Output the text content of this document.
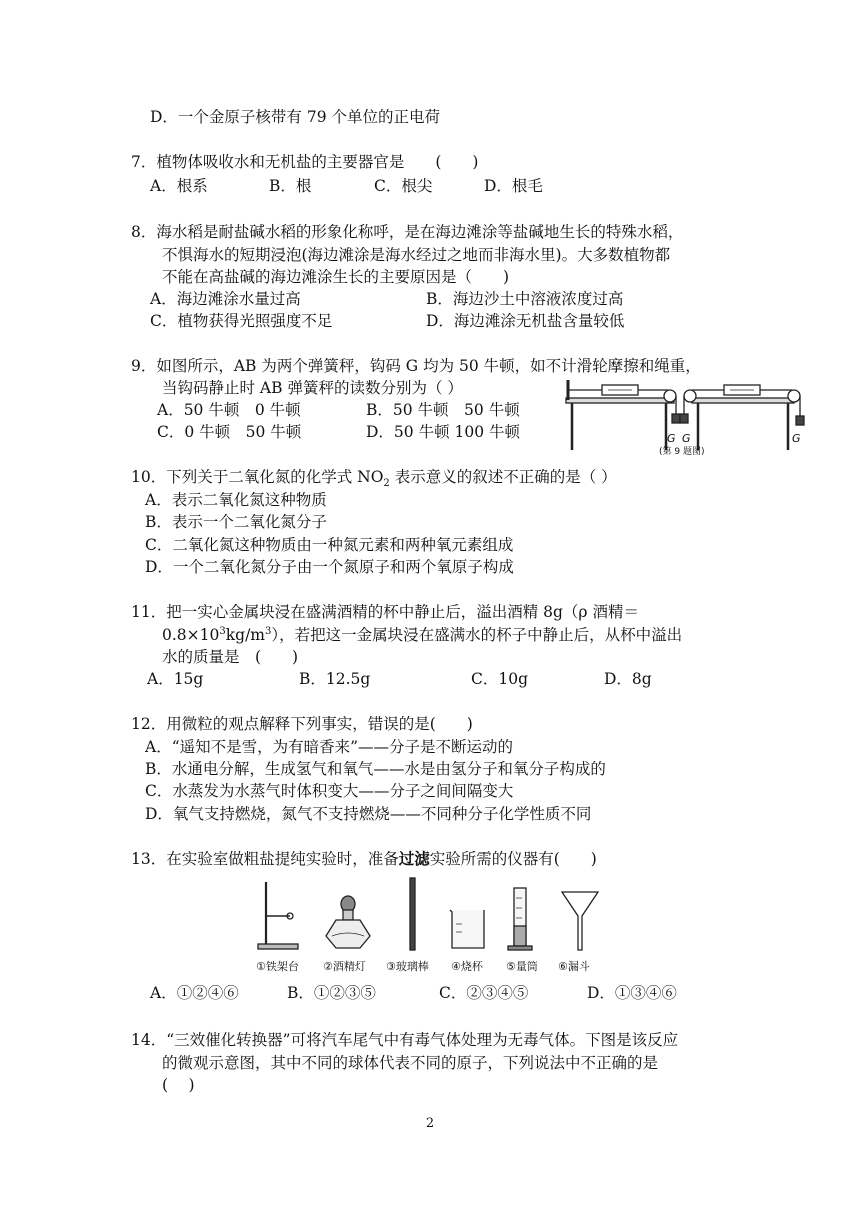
D．一个金原子核带有 79 个单位的正电荷
7．植物体吸收水和无机盐的主要器官是　　(　　)
A．根系	B．根	C．根尖	D．根毛
8．海水稻是耐盐碱水稻的形象化称呼，是在海边滩涂等盐碱地生长的特殊水稻，
不惧海水的短期浸泡(海边滩涂是海水经过之地而非海水里)。大多数植物都
不能在高盐碱的海边滩涂生长的主要原因是（　　)
A．海边滩涂水量过高	B．海边沙土中溶液浓度过高
C．植物获得光照强度不足	D．海边滩涂无机盐含量较低
9．如图所示，AB 为两个弹簧秤，钩码 G 均为 50 牛顿，如不计滑轮摩擦和绳重，
当钩码静止时 AB 弹簧秤的读数分别为（ ）
A．50 牛顿　0 牛顿	B．50 牛顿　50 牛顿
C．0 牛顿　50 牛顿	D．50 牛顿 100 牛顿	G G	G
(第 9 题图)
10．下列关于二氧化氮的化学式 $NO_2$ 表示意义的叙述不正确的是（ ）
A．表示二氧化氮这种物质
B．表示一个二氧化氮分子
C．二氧化氮这种物质由一种氮元素和两种氧元素组成
D．一个二氧化氮分子由一个氮原子和两个氧原子构成
11．把一实心金属块浸在盛满酒精的杯中静止后，溢出酒精 8g（ρ 酒精＝
$0.8\times 10^3kg/m^3$），若把这一金属块浸在盛满水的杯子中静止后，从杯中溢出
水的质量是　(　　)
A．15g	B．12.5g	C．10g	D．8g
12．用微粒的观点解释下列事实，错误的是(　　)
A．“遥知不是雪，为有暗香来”——分子是不断运动的
B．水通电分解，生成氢气和氧气——水是由氢分子和氧分子构成的
C．水蒸发为水蒸气时体积变大——分子之间间隔变大
D．氧气支持燃烧，氮气不支持燃烧——不同种分子化学性质不同
13．在实验室做粗盐提纯实验时，准备过滤实验所需的仪器有(　　)
①铁架台 ②酒精灯 ③玻璃棒 ④烧杯 ⑤量筒 ⑥漏斗
A．①②④⑥	B．①②③⑤	C．②③④⑤	D．①③④⑥
14．“三效催化转换器”可将汽车尾气中有毒气体处理为无毒气体。下图是该反应
的微观示意图，其中不同的球体代表不同的原子，下列说法中不正确的是
(　 )
2
